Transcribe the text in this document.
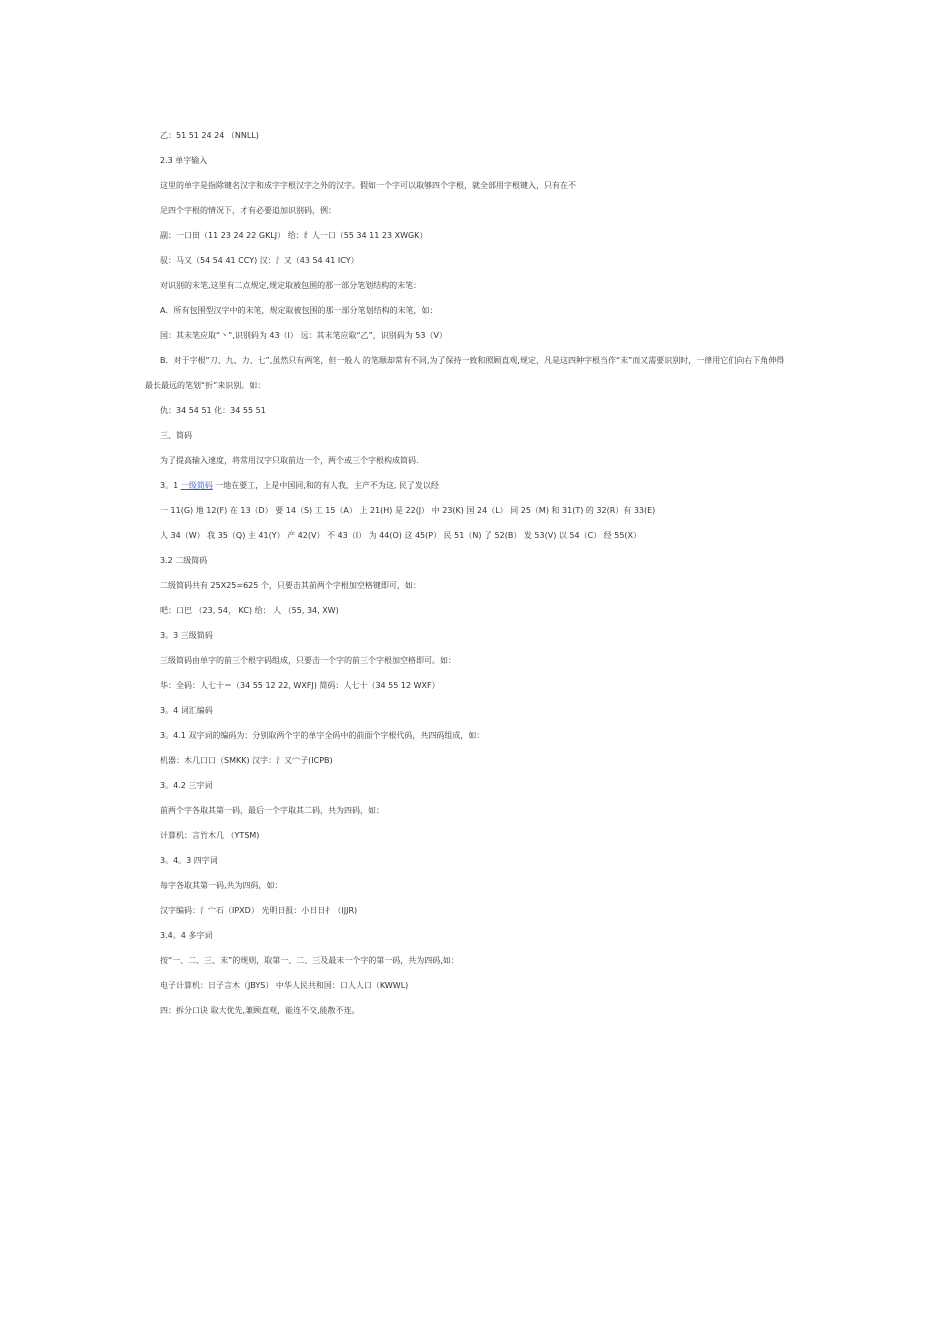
乙：51 51 24 24 （NNLL)
2.3 单字输入
这里的单字是指除键名汉字和成字字根汉字之外的汉字。假如一个字可以取够四个字根，就全部用字根键入，只有在不
足四个字根的情况下，才有必要追加识别码，例：
副：一口田（11 23 24 22 GKLJ） 给：纟人一口（55 34 11 23 XWGK）
驭：马又（54 54 41 CCY) 汉：氵又（43 54 41 ICY）
对识别的末笔,这里有二点规定,规定取被包围的那一部分笔划结构的末笔：
A．所有包围型汉字中的末笔，规定取被包围的那一部分笔划结构的末笔，如：
国：其末笔应取“丶”,识别码为 43（I） 远：其末笔应取“乙”，识别码为 53（V）
B．对于字根“刀、九、力、七”,虽然只有两笔，但一般人 的笔顺却常有不同,为了保持一致和照顾直观,规定，凡是这四种字根当作“末”而又需要识别时，一律用它们向右下角伸得
最长最远的笔划“折”来识别。如：
仇：34 54 51 化：34 55 51
三、简码
为了提高输入速度，将常用汉字只取前边一个，两个或三个字根构成简码.
3。1 一级简码 一地在要工，上是中国同,和的有人我，主产不为这, 民了发以经
一 11(G) 地 12(F) 在 13（D） 要 14（S) 工 15（A） 上 21(H) 是 22(J） 中 23(K) 国 24（L） 同 25（M) 和 31(T) 的 32(R）有 33(E)
人 34（W） 我 35（Q) 主 41(Y） 产 42(V） 不 43（I） 为 44(O) 这 45(P） 民 51（N) 了 52(B） 发 53(V) 以 54（C） 经 55(X）
3.2 二级简码
二级简码共有 25X25=625 个，只要击其前两个字根加空格键即可，如：
吧：口巴 （23, 54， KC) 给： 人 （55, 34, XW)
3。3 三级简码
三级简码由单字的前三个根字码组成，只要击一个字的前三个字根加空格即可。如：
华：全码：人七十＝（34 55 12 22, WXFJ) 简码：人七十（34 55 12 WXF）
3。4 词汇编码
3。4.1 双字词的编码为：分别取两个字的单字全码中的前面个字根代码，共四码组成，如：
机器：木几口口（SMKK) 汉字：氵又宀子(ICPB)
3。4.2 三字词
前两个字各取其第一码，最后一个字取其二码，共为四码，如：
计算机：言竹木几 （YTSM)
3。4。3 四字词
每字各取其第一码,共为四码，如：
汉字编码：氵宀石（IPXD） 光明日报：小日日扌（IJJR)
3.4。4 多字词
按“一、二、三、末”的规则，取第一、二、三及最末一个字的第一码，共为四码,如：
电子计算机：日子言木（JBYS） 中华人民共和国：口人人口（KWWL)
四：拆分口诀 取大优先,兼顾直观，能连不交,能散不连。
